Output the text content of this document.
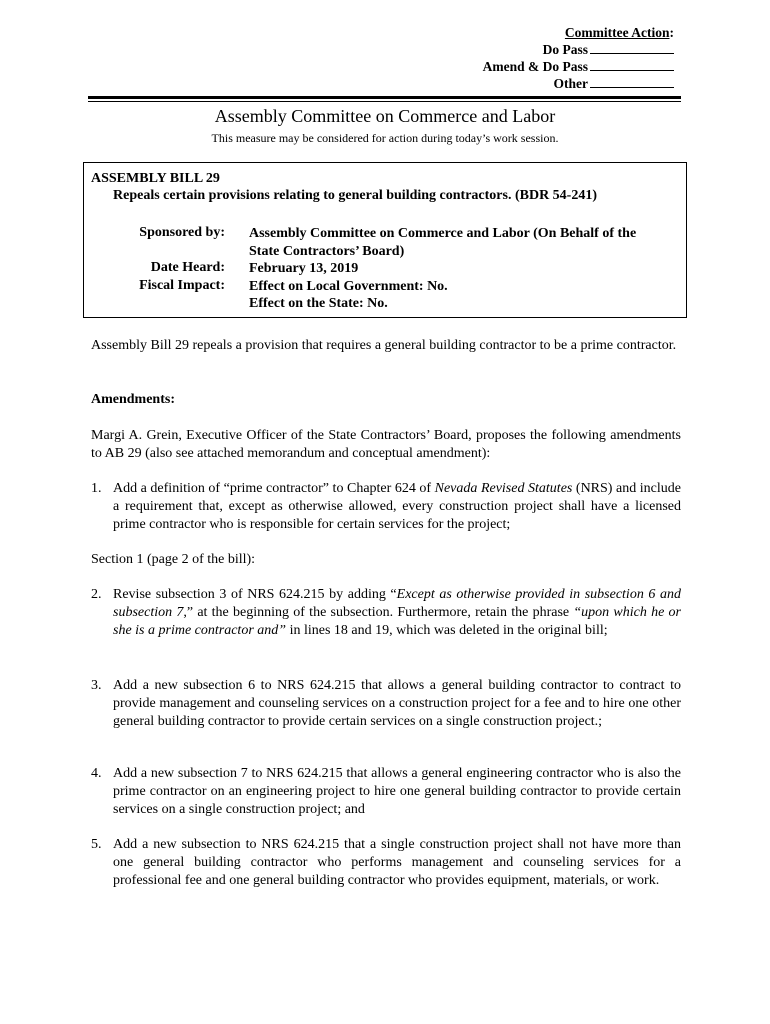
Committee Action:
Do Pass
Amend & Do Pass
Other
Assembly Committee on Commerce and Labor
This measure may be considered for action during today’s work session.
ASSEMBLY BILL 29
Repeals certain provisions relating to general building contractors. (BDR 54-241)
Sponsored by: Assembly Committee on Commerce and Labor (On Behalf of the
State Contractors’ Board)
Date Heard: February 13, 2019
Fiscal Impact: Effect on Local Government: No.
Effect on the State: No.
Assembly Bill 29 repeals a provision that requires a general building contractor to be a prime contractor.
Amendments:
Margi A. Grein, Executive Officer of the State Contractors’ Board, proposes the following amendments to AB 29 (also see attached memorandum and conceptual amendment):
1. Add a definition of “prime contractor” to Chapter 624 of Nevada Revised Statutes (NRS) and include a requirement that, except as otherwise allowed, every construction project shall have a licensed prime contractor who is responsible for certain services for the project;
Section 1 (page 2 of the bill):
2. Revise subsection 3 of NRS 624.215 by adding “Except as otherwise provided in subsection 6 and subsection 7,” at the beginning of the subsection. Furthermore, retain the phrase “upon which he or she is a prime contractor and” in lines 18 and 19, which was deleted in the original bill;
3. Add a new subsection 6 to NRS 624.215 that allows a general building contractor to contract to provide management and counseling services on a construction project for a fee and to hire one other general building contractor to provide certain services on a single construction project.;
4. Add a new subsection 7 to NRS 624.215 that allows a general engineering contractor who is also the prime contractor on an engineering project to hire one general building contractor to provide certain services on a single construction project; and
5. Add a new subsection to NRS 624.215 that a single construction project shall not have more than one general building contractor who performs management and counseling services for a professional fee and one general building contractor who provides equipment, materials, or work.
